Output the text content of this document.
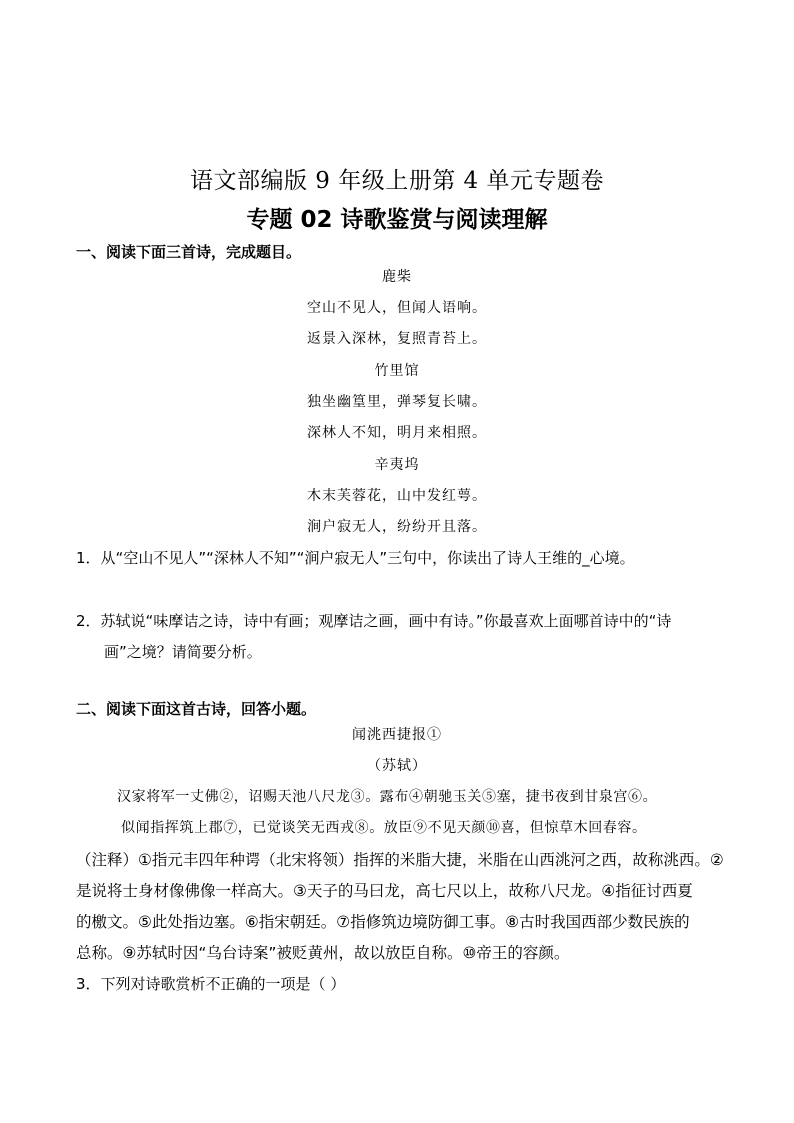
语文部编版 9 年级上册第 4 单元专题卷
专题 02 诗歌鉴赏与阅读理解
一、阅读下面三首诗，完成题目。
鹿柴
空山不见人，但闻人语响。
返景入深林，复照青苔上。
竹里馆
独坐幽篁里，弹琴复长啸。
深林人不知，明月来相照。
辛夷坞
木末芙蓉花，山中发红萼。
涧户寂无人，纷纷开且落。
1．从“空山不见人”“深林人不知”“涧户寂无人”三句中，你读出了诗人王维的_心境。
2．苏轼说“味摩诘之诗，诗中有画；观摩诘之画，画中有诗。”你最喜欢上面哪首诗中的“诗
画”之境？请简要分析。
二、阅读下面这首古诗，回答小题。
闻洮西捷报①
（苏轼）
汉家将军一丈佛②，诏赐天池八尺龙③。露布④朝驰玉关⑤塞，捷书夜到甘泉宫⑥。
似闻指挥筑上郡⑦，已觉谈笑无西戎⑧。放臣⑨不见天颜⑩喜，但惊草木回春容。
（注释）①指元丰四年种谔（北宋将领）指挥的米脂大捷，米脂在山西洮河之西，故称洮西。②
是说将士身材像佛像一样高大。③天子的马曰龙，高七尺以上，故称八尺龙。④指征讨西夏
的檄文。⑤此处指边塞。⑥指宋朝廷。⑦指修筑边境防御工事。⑧古时我国西部少数民族的
总称。⑨苏轼时因“乌台诗案”被贬黄州，故以放臣自称。⑩帝王的容颜。
3．下列对诗歌赏析不正确的一项是（ ）
